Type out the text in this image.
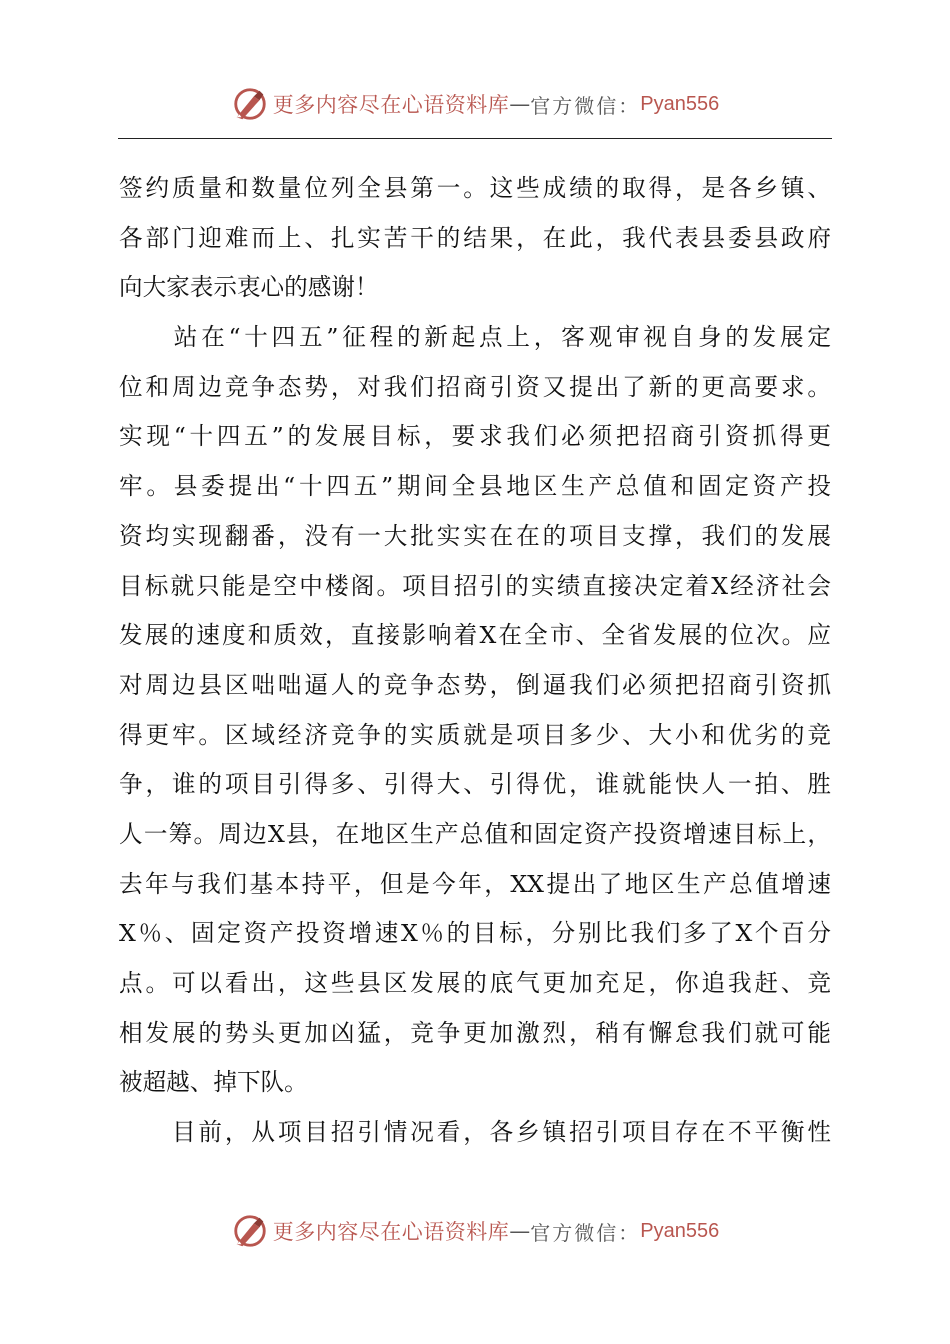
更多内容尽在心语资料库 — 官方微信： Pyan556
签约质量和数量位列全县第一。这些成绩的取得，是各乡镇、
各部门迎难而上、扎实苦干的结果，在此，我代表县委县政府
向大家表示衷心的感谢！
　　站在“十四五”征程的新起点上，客观审视自身的发展定
位和周边竞争态势，对我们招商引资又提出了新的更高要求。
实现“十四五”的发展目标，要求我们必须把招商引资抓得更
牢。县委提出“十四五”期间全县地区生产总值和固定资产投
资均实现翻番，没有一大批实实在在的项目支撑，我们的发展
目标就只能是空中楼阁。项目招引的实绩直接决定着X经济社会
发展的速度和质效，直接影响着X在全市、全省发展的位次。应
对周边县区咄咄逼人的竞争态势，倒逼我们必须把招商引资抓
得更牢。区域经济竞争的实质就是项目多少、大小和优劣的竞
争，谁的项目引得多、引得大、引得优，谁就能快人一拍、胜
人一筹。周边X县，在地区生产总值和固定资产投资增速目标上，
去年与我们基本持平，但是今年，XX提出了地区生产总值增速
X％、固定资产投资增速X％的目标，分别比我们多了X个百分
点。可以看出，这些县区发展的底气更加充足，你追我赶、竞
相发展的势头更加凶猛，竞争更加激烈，稍有懈怠我们就可能
被超越、掉下队。
　　目前，从项目招引情况看，各乡镇招引项目存在不平衡性
更多内容尽在心语资料库 — 官方微信： Pyan556
